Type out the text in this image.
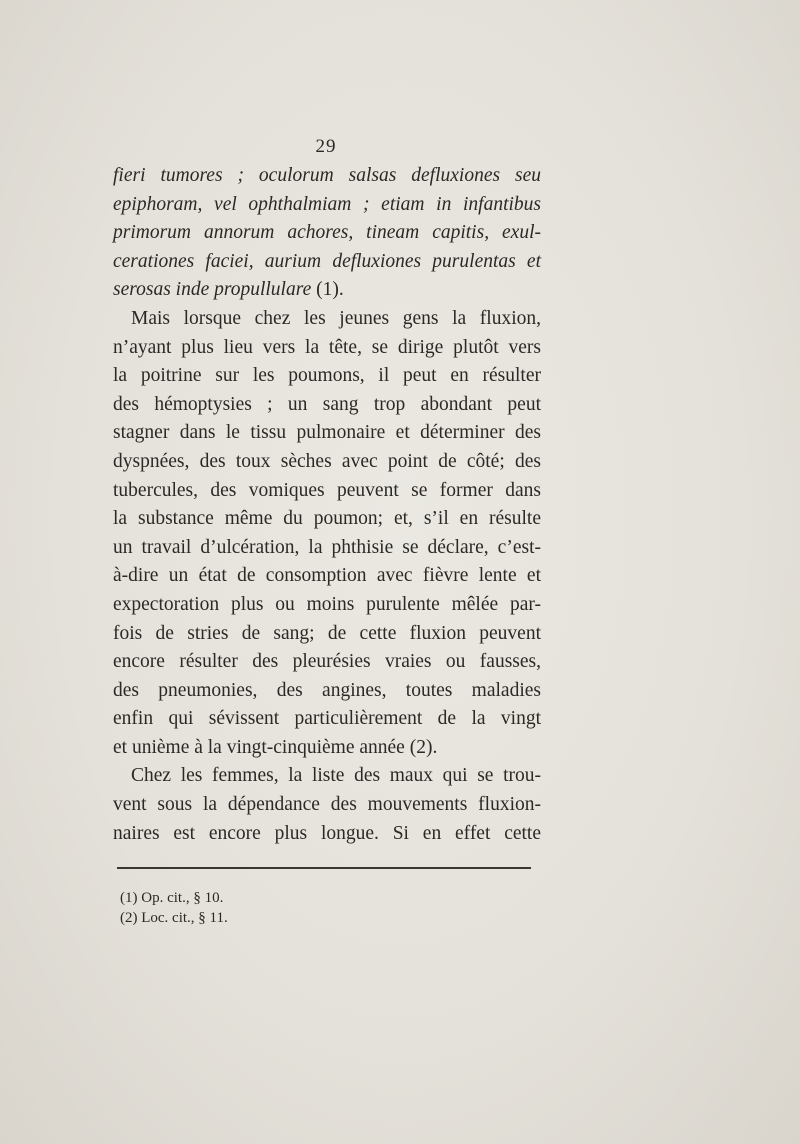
29
fieri tumores ; oculorum salsas defluxiones seu
epiphoram, vel ophthalmiam ; etiam in infantibus
primorum annorum achores, tineam capitis, exul-
cerationes faciei, aurium defluxiones purulentas et
serosas inde propullulare (1).
Mais lorsque chez les jeunes gens la fluxion,
n’ayant plus lieu vers la tête, se dirige plutôt vers
la poitrine sur les poumons, il peut en résulter
des hémoptysies ; un sang trop abondant peut
stagner dans le tissu pulmonaire et déterminer des
dyspnées, des toux sèches avec point de côté; des
tubercules, des vomiques peuvent se former dans
la substance même du poumon; et, s’il en résulte
un travail d’ulcération, la phthisie se déclare, c’est-
à-dire un état de consomption avec fièvre lente et
expectoration plus ou moins purulente mêlée par-
fois de stries de sang; de cette fluxion peuvent
encore résulter des pleurésies vraies ou fausses,
des pneumonies, des angines, toutes maladies
enfin qui sévissent particulièrement de la vingt
et unième à la vingt-cinquième année (2).
Chez les femmes, la liste des maux qui se trou-
vent sous la dépendance des mouvements fluxion-
naires est encore plus longue. Si en effet cette
(1) Op. cit., § 10.
(2) Loc. cit., § 11.
